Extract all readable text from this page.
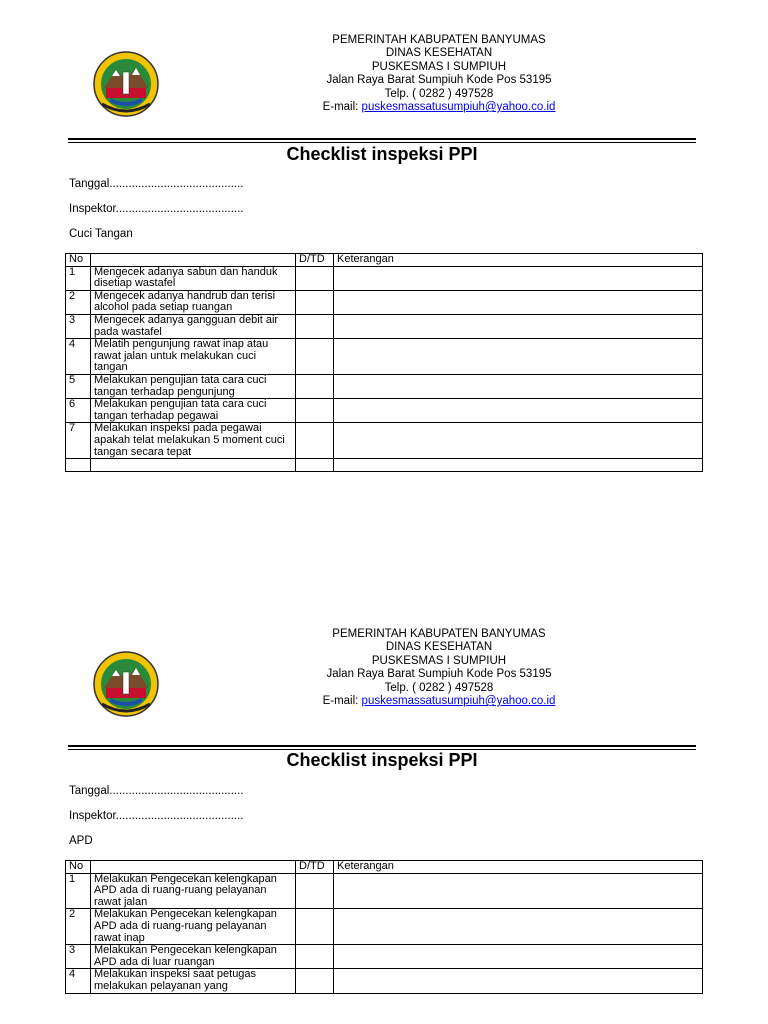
PEMERINTAH KABUPATEN BANYUMAS
DINAS KESEHATAN
PUSKESMAS I SUMPIUH
Jalan Raya Barat Sumpiuh Kode Pos 53195
Telp. ( 0282 ) 497528
E-mail: puskesmassatusumpiuh@yahoo.co.id
Checklist inspeksi PPI
Tanggal..........................................
Inspektor........................................
Cuci Tangan
No		D/TD	Keterangan
1	Mengecek adanya sabun dan handuk disetiap wastafel		
2	Mengecek adanya handrub dan terisi alcohol pada setiap ruangan		
3	Mengecek adanya gangguan debit air pada wastafel		
4	Melatih pengunjung rawat inap atau rawat jalan untuk melakukan cuci tangan		
5	Melakukan pengujian tata cara cuci tangan terhadap pengunjung		
6	Melakukan pengujian tata cara cuci tangan terhadap pegawai		
7	Melakukan inspeksi pada pegawai apakah telat melakukan 5 moment cuci tangan secara tepat		

PEMERINTAH KABUPATEN BANYUMAS
DINAS KESEHATAN
PUSKESMAS I SUMPIUH
Jalan Raya Barat Sumpiuh Kode Pos 53195
Telp. ( 0282 ) 497528
E-mail: puskesmassatusumpiuh@yahoo.co.id
Checklist inspeksi PPI
Tanggal..........................................
Inspektor........................................
APD
No		D/TD	Keterangan
1	Melakukan Pengecekan kelengkapan APD ada di ruang-ruang pelayanan rawat jalan		
2	Melakukan Pengecekan kelengkapan APD ada di ruang-ruang pelayanan rawat inap		
3	Melakukan Pengecekan kelengkapan APD ada di luar ruangan		
4	Melakukan inspeksi saat petugas melakukan pelayanan yang		
